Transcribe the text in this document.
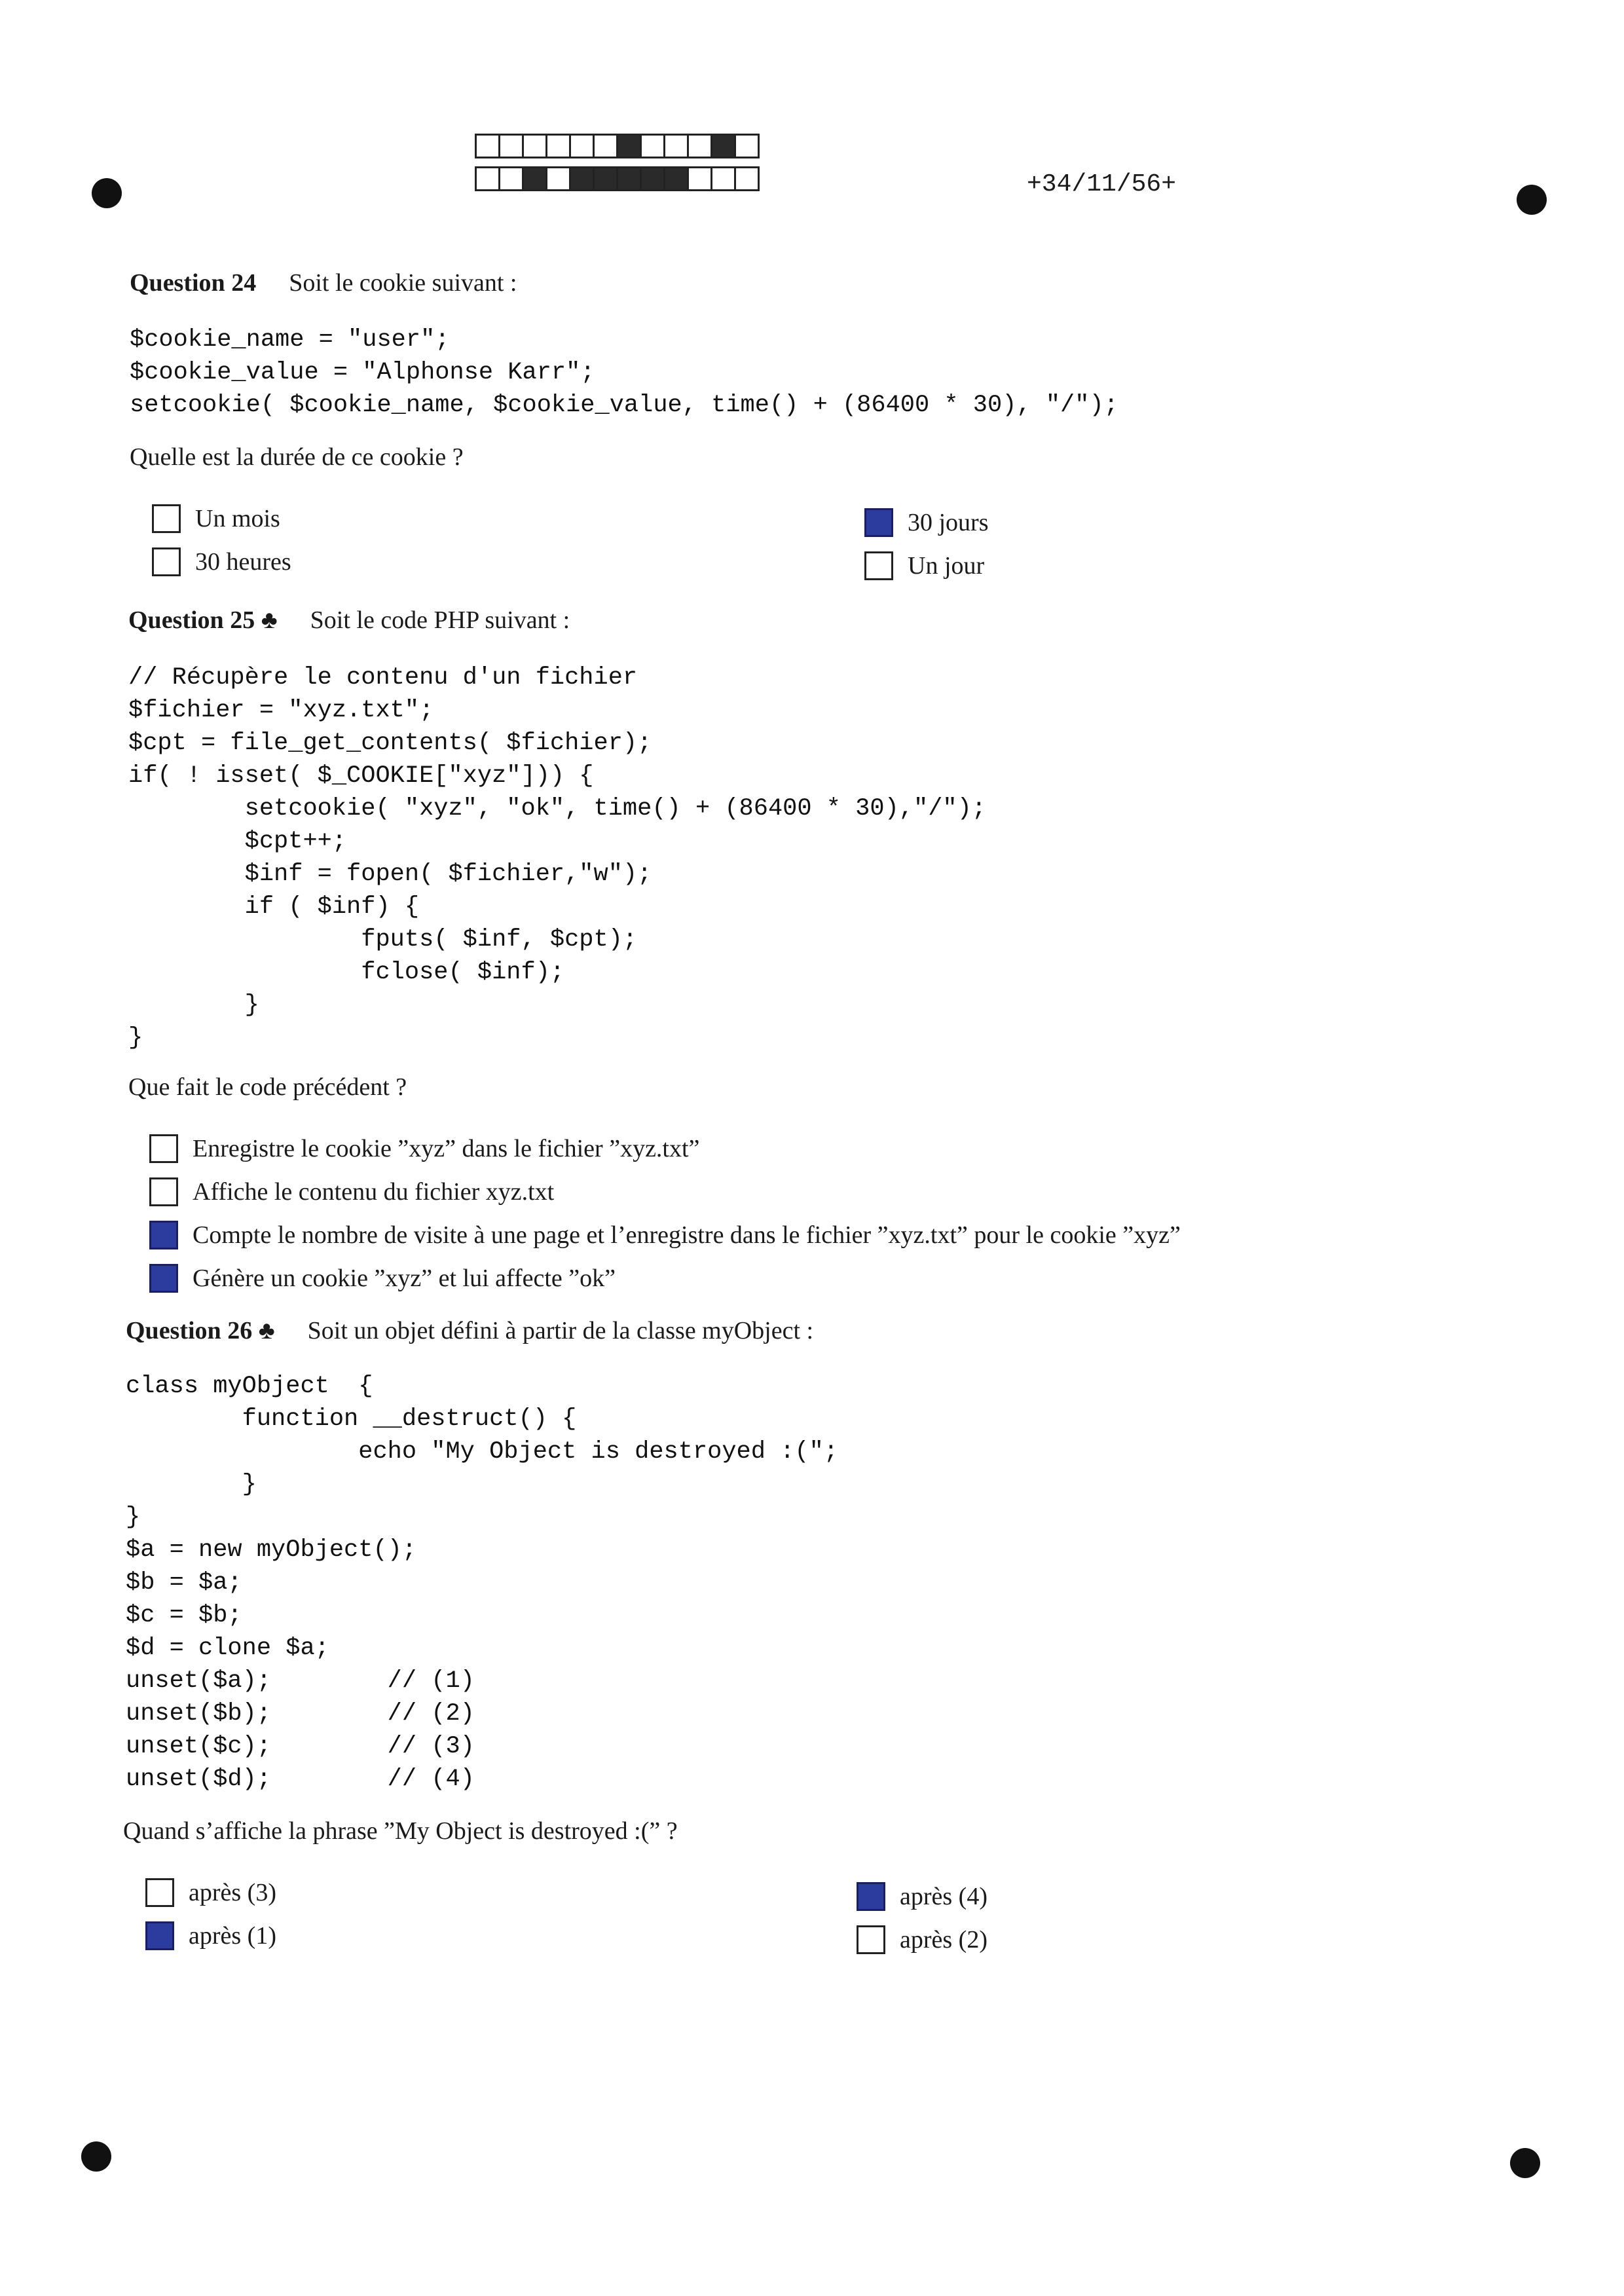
+34/11/56+
Question 24 Soit le cookie suivant :
$cookie_name = "user";
$cookie_value = "Alphonse Karr";
setcookie( $cookie_name, $cookie_value, time() + (86400 * 30), "/");
Quelle est la durée de ce cookie ?
Un mois
30 heures
30 jours
Un jour
Question 25 ♣ Soit le code PHP suivant :
// Récupère le contenu d'un fichier
$fichier = "xyz.txt";
$cpt = file_get_contents( $fichier);
if( ! isset( $_COOKIE["xyz"])) {
setcookie( "xyz", "ok", time() + (86400 * 30),"/");
$cpt++;
$inf = fopen( $fichier,"w");
if ( $inf) {
fputs( $inf, $cpt);
fclose( $inf);
}
}
Que fait le code précédent ?
Enregistre le cookie ”xyz” dans le fichier ”xyz.txt”
Affiche le contenu du fichier xyz.txt
Compte le nombre de visite à une page et l’enregistre dans le fichier ”xyz.txt” pour le cookie ”xyz”
Génère un cookie ”xyz” et lui affecte ”ok”
Question 26 ♣ Soit un objet défini à partir de la classe myObject :
class myObject  {
function __destruct() {
echo "My Object is destroyed :(";
}
}
$a = new myObject();
$b = $a;
$c = $b;
$d = clone $a;
unset($a);        // (1)
unset($b);        // (2)
unset($c);        // (3)
unset($d);        // (4)
Quand s’affiche la phrase ”My Object is destroyed :(” ?
après (3)
après (1)
après (4)
après (2)
